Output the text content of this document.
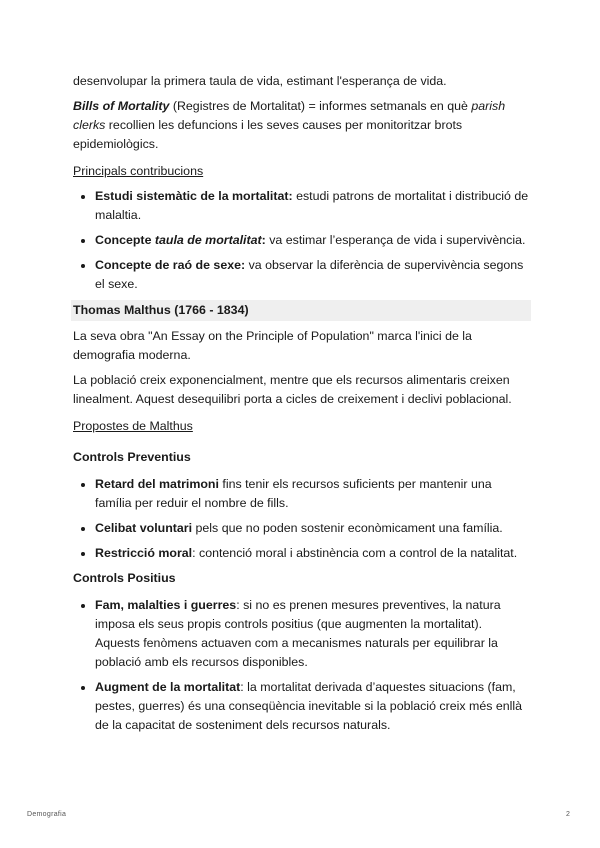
desenvolupar la primera taula de vida, estimant l'esperança de vida.

Bills of Mortality (Registres de Mortalitat) = informes setmanals en què parish clerks recollien les defuncions i les seves causes per monitoritzar brots epidemiològics.

Principals contribucions
• Estudi sistemàtic de la mortalitat: estudi patrons de mortalitat i distribució de malaltia.
• Concepte taula de mortalitat: va estimar l’esperança de vida i supervivència.
• Concepte de raó de sexe: va observar la diferència de supervivència segons el sexe.
Thomas Malthus (1766 - 1834)

La seva obra "An Essay on the Principle of Population" marca l'inici de la demografia moderna.

La població creix exponencialment, mentre que els recursos alimentaris creixen linealment. Aquest desequilibri porta a cicles de creixement i declivi poblacional.

Propostes de Malthus
Controls Preventius
• Retard del matrimoni fins tenir els recursos suficients per mantenir una família per reduir el nombre de fills.
• Celibat voluntari pels que no poden sostenir econòmicament una família.
• Restricció moral: contenció moral i abstinència com a control de la natalitat.
Controls Positius
• Fam, malalties i guerres: si no es prenen mesures preventives, la natura imposa els seus propis controls positius (que augmenten la mortalitat). Aquests fenòmens actuaven com a mecanismes naturals per equilibrar la població amb els recursos disponibles.
• Augment de la mortalitat: la mortalitat derivada d’aquestes situacions (fam, pestes, guerres) és una conseqüència inevitable si la població creix més enllà de la capacitat de sosteniment dels recursos naturals.
Demografia	2
